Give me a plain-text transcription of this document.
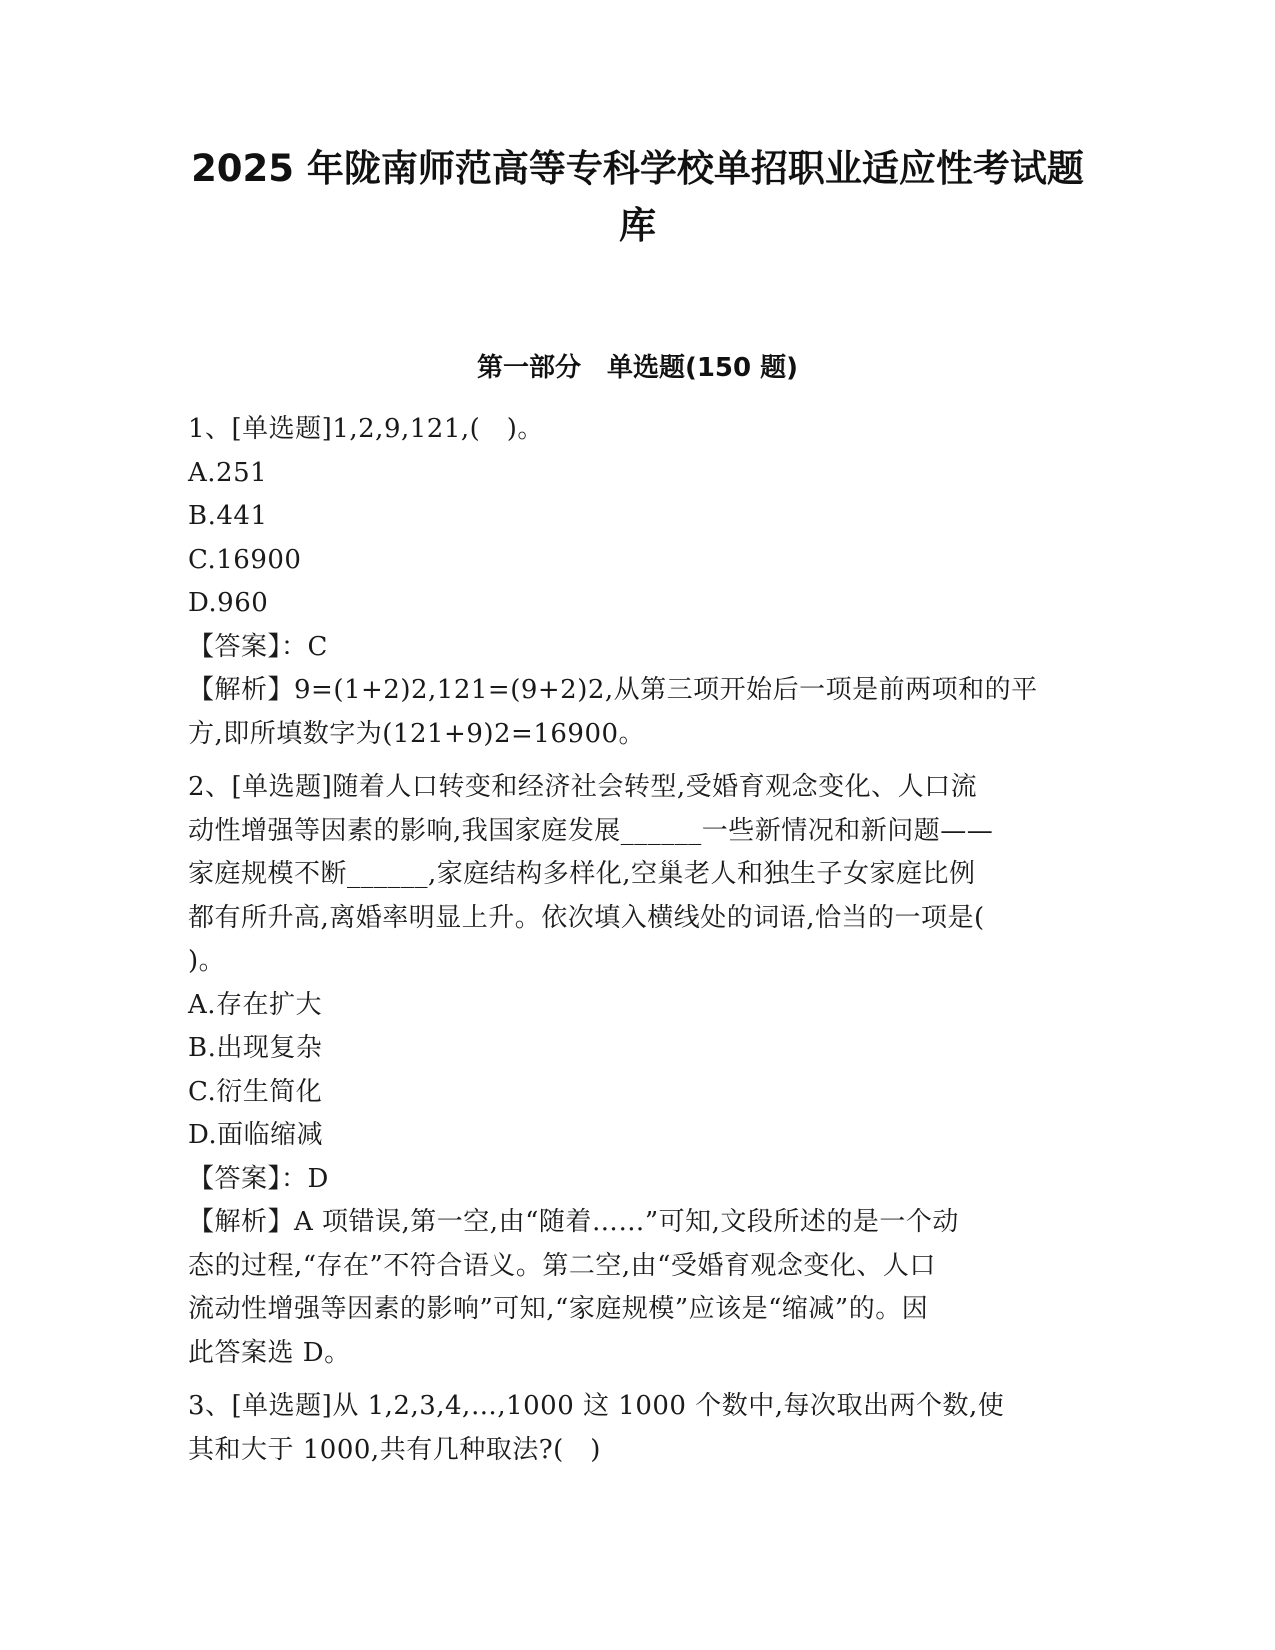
2025 年陇南师范高等专科学校单招职业适应性考试题
库
第一部分　单选题(150 题)

1、[单选题]1,2,9,121,(　)。

A.251

B.441

C.16900

D.960

【答案】：C

【解析】9=(1+2)2,121=(9+2)2,从第三项开始后一项是前两项和的平

方,即所填数字为(121+9)2=16900。

2、[单选题]随着人口转变和经济社会转型,受婚育观念变化、人口流

动性增强等因素的影响,我国家庭发展______一些新情况和新问题——

家庭规模不断______,家庭结构多样化,空巢老人和独生子女家庭比例

都有所升高,离婚率明显上升。依次填入横线处的词语,恰当的一项是(

)。

A.存在扩大

B.出现复杂

C.衍生简化

D.面临缩减

【答案】：D

【解析】A 项错误,第一空,由“随着……”可知,文段所述的是一个动

态的过程,“存在”不符合语义。第二空,由“受婚育观念变化、人口

流动性增强等因素的影响”可知,“家庭规模”应该是“缩减”的。因

此答案选 D。

3、[单选题]从 1,2,3,4,…,1000 这 1000 个数中,每次取出两个数,使

其和大于 1000,共有几种取法?(　)
